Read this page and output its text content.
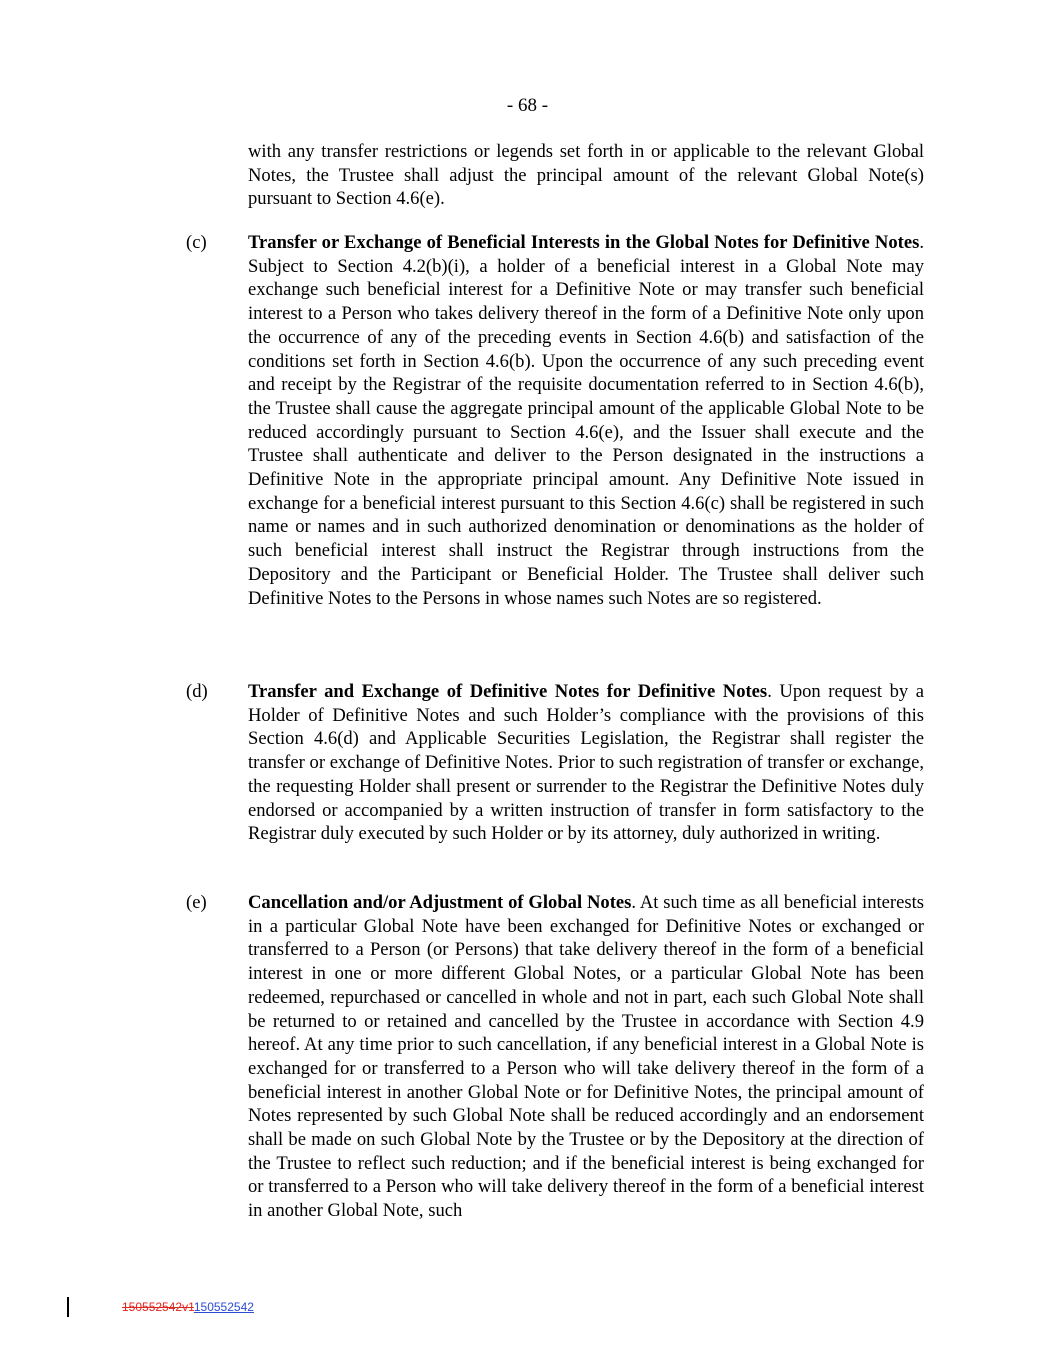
- 68 -

with any transfer restrictions or legends set forth in or applicable to the relevant Global Notes, the Trustee shall adjust the principal amount of the relevant Global Note(s) pursuant to Section 4.6(e).

(c) Transfer or Exchange of Beneficial Interests in the Global Notes for Definitive Notes. Subject to Section 4.2(b)(i), a holder of a beneficial interest in a Global Note may exchange such beneficial interest for a Definitive Note or may transfer such beneficial interest to a Person who takes delivery thereof in the form of a Definitive Note only upon the occurrence of any of the preceding events in Section 4.6(b) and satisfaction of the conditions set forth in Section 4.6(b). Upon the occurrence of any such preceding event and receipt by the Registrar of the requisite documentation referred to in Section 4.6(b), the Trustee shall cause the aggregate principal amount of the applicable Global Note to be reduced accordingly pursuant to Section 4.6(e), and the Issuer shall execute and the Trustee shall authenticate and deliver to the Person designated in the instructions a Definitive Note in the appropriate principal amount. Any Definitive Note issued in exchange for a beneficial interest pursuant to this Section 4.6(c) shall be registered in such name or names and in such authorized denomination or denominations as the holder of such beneficial interest shall instruct the Registrar through instructions from the Depository and the Participant or Beneficial Holder. The Trustee shall deliver such Definitive Notes to the Persons in whose names such Notes are so registered.

(d) Transfer and Exchange of Definitive Notes for Definitive Notes. Upon request by a Holder of Definitive Notes and such Holder’s compliance with the provisions of this Section 4.6(d) and Applicable Securities Legislation, the Registrar shall register the transfer or exchange of Definitive Notes. Prior to such registration of transfer or exchange, the requesting Holder shall present or surrender to the Registrar the Definitive Notes duly endorsed or accompanied by a written instruction of transfer in form satisfactory to the Registrar duly executed by such Holder or by its attorney, duly authorized in writing.

(e) Cancellation and/or Adjustment of Global Notes. At such time as all beneficial interests in a particular Global Note have been exchanged for Definitive Notes or exchanged or transferred to a Person (or Persons) that take delivery thereof in the form of a beneficial interest in one or more different Global Notes, or a particular Global Note has been redeemed, repurchased or cancelled in whole and not in part, each such Global Note shall be returned to or retained and cancelled by the Trustee in accordance with Section 4.9 hereof. At any time prior to such cancellation, if any beneficial interest in a Global Note is exchanged for or transferred to a Person who will take delivery thereof in the form of a beneficial interest in another Global Note or for Definitive Notes, the principal amount of Notes represented by such Global Note shall be reduced accordingly and an endorsement shall be made on such Global Note by the Trustee or by the Depository at the direction of the Trustee to reflect such reduction; and if the beneficial interest is being exchanged for or transferred to a Person who will take delivery thereof in the form of a beneficial interest in another Global Note, such

150552542v1150552542
